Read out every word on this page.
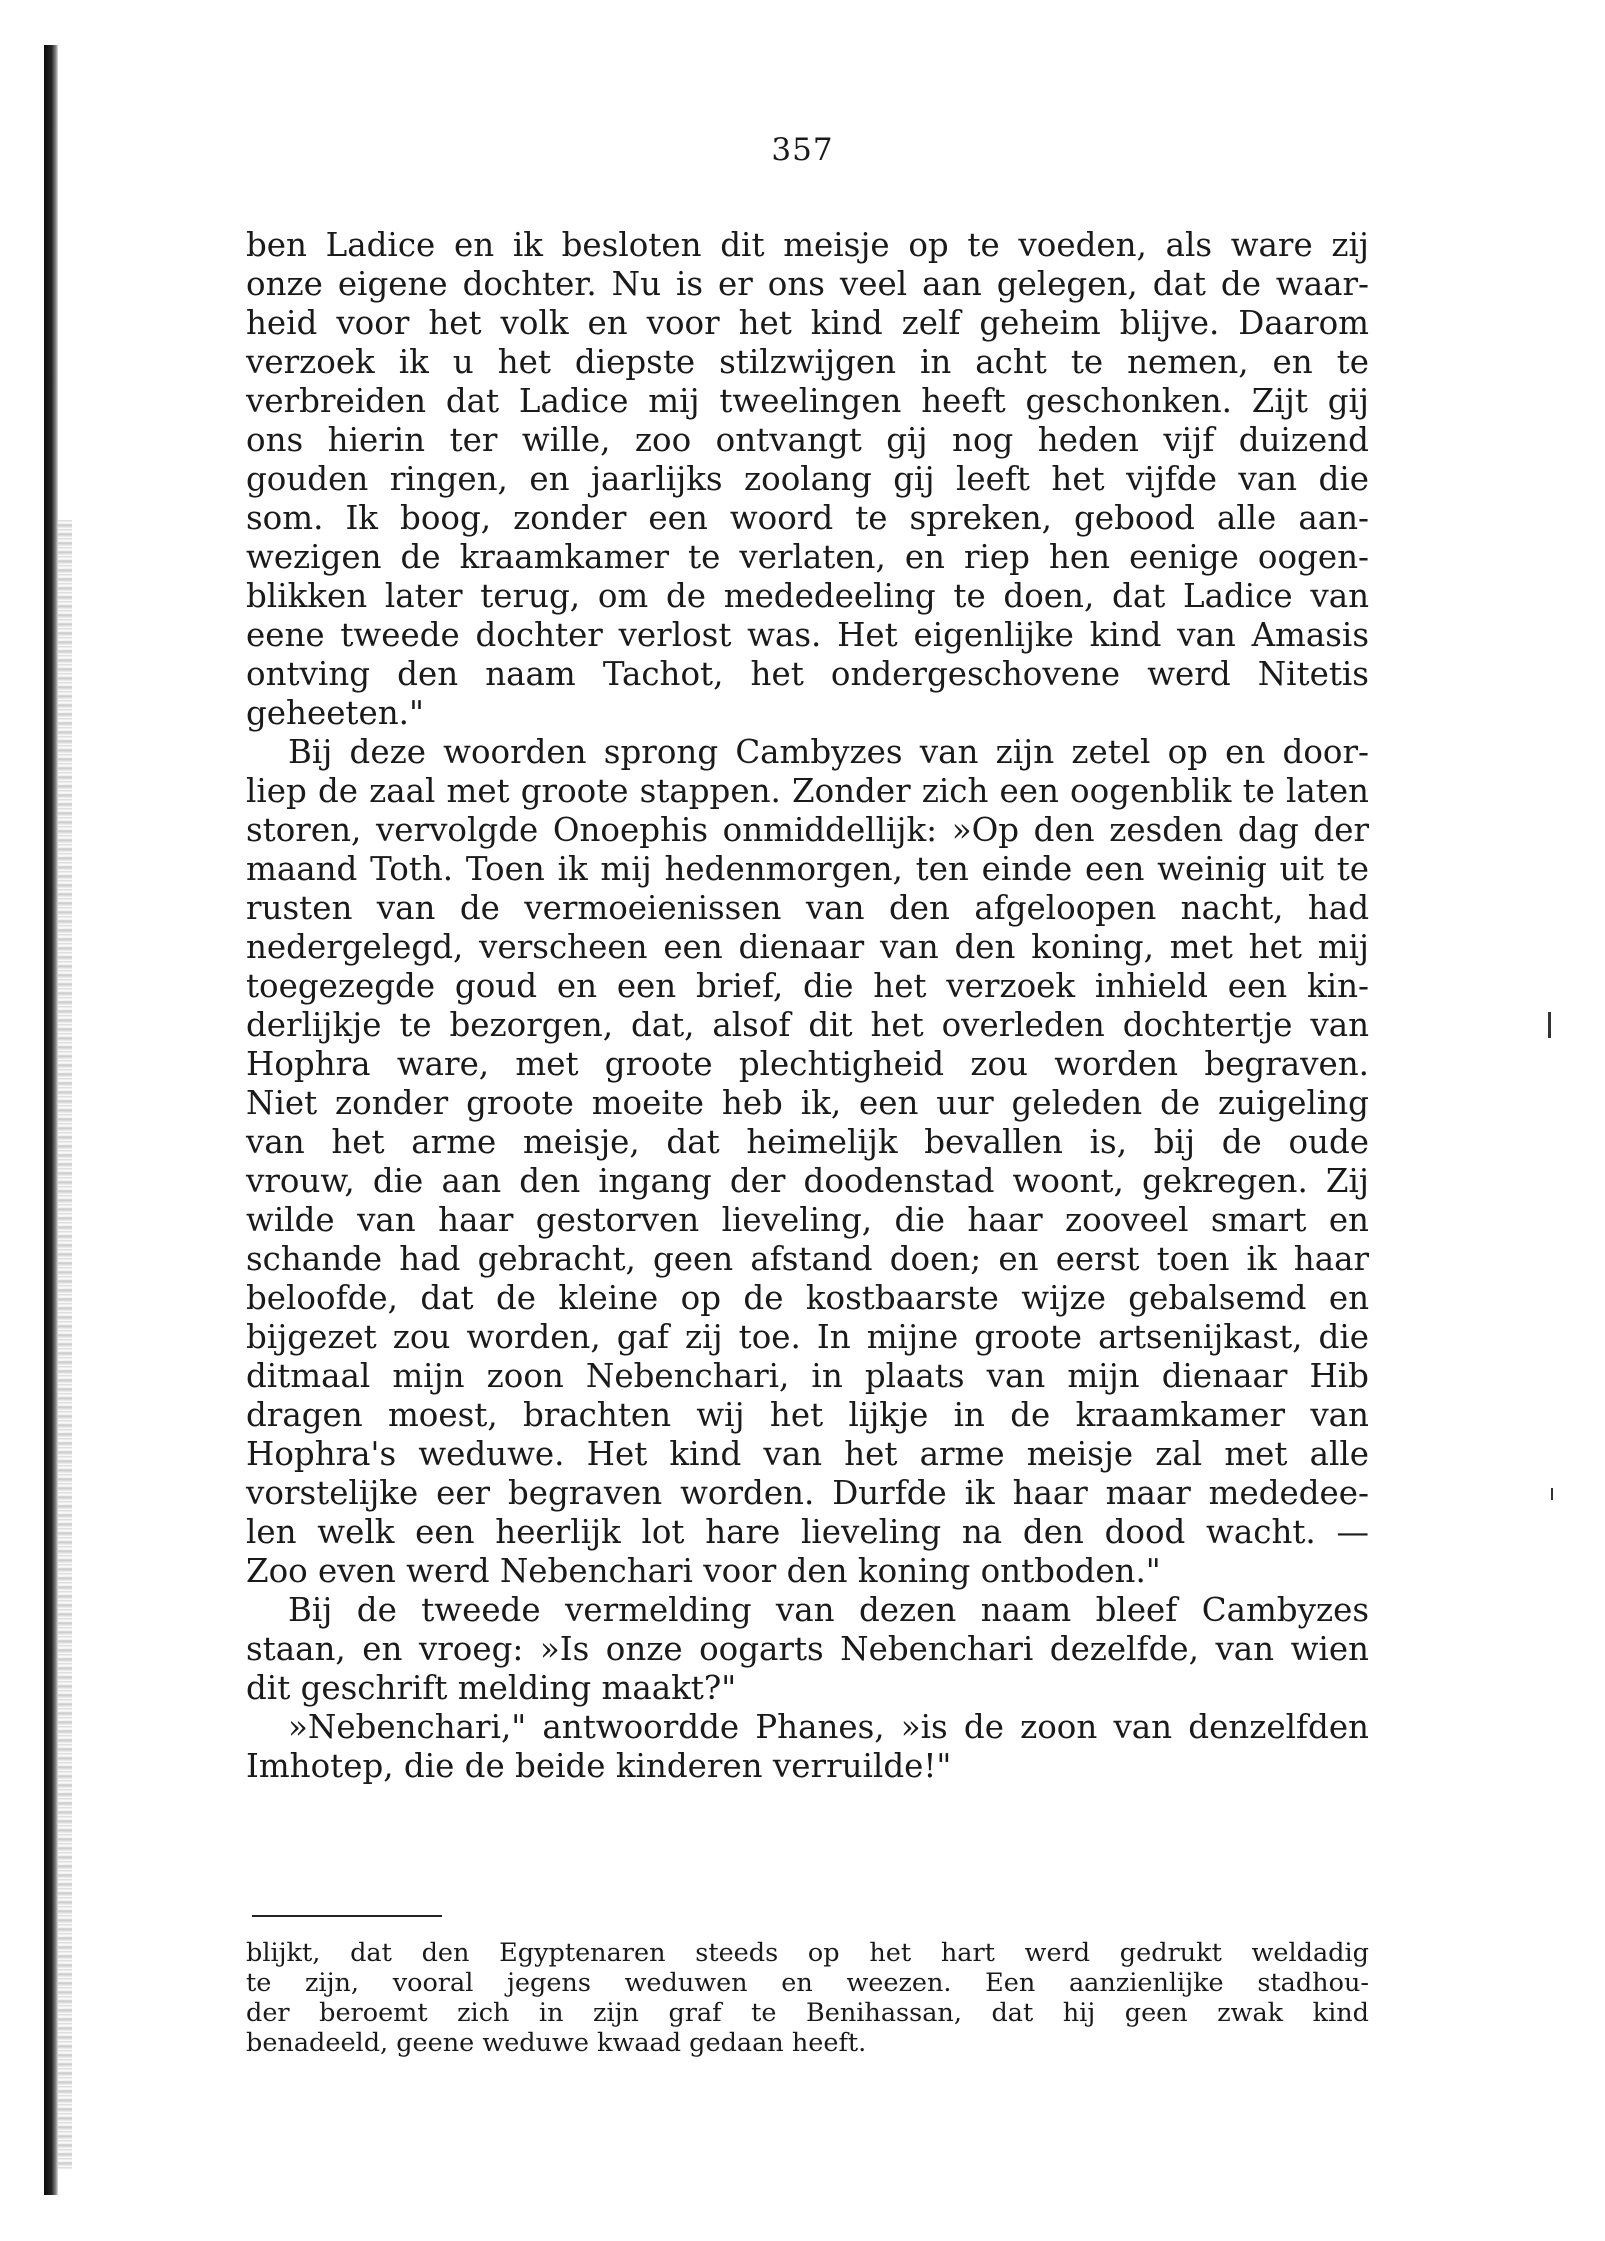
357
ben Ladice en ik besloten dit meisje op te voeden, als ware zij
onze eigene dochter. Nu is er ons veel aan gelegen, dat de waar-
heid voor het volk en voor het kind zelf geheim blijve. Daarom
verzoek ik u het diepste stilzwijgen in acht te nemen, en te
verbreiden dat Ladice mij tweelingen heeft geschonken. Zijt gij
ons hierin ter wille, zoo ontvangt gij nog heden vijf duizend
gouden ringen, en jaarlijks zoolang gij leeft het vijfde van die
som. Ik boog, zonder een woord te spreken, gebood alle aan-
wezigen de kraamkamer te verlaten, en riep hen eenige oogen-
blikken later terug, om de mededeeling te doen, dat Ladice van
eene tweede dochter verlost was. Het eigenlijke kind van Amasis
ontving den naam Tachot, het ondergeschovene werd Nitetis
geheeten."
Bij deze woorden sprong Cambyzes van zijn zetel op en door-
liep de zaal met groote stappen. Zonder zich een oogenblik te laten
storen, vervolgde Onoephis onmiddellijk: »Op den zesden dag der
maand Toth. Toen ik mij hedenmorgen, ten einde een weinig uit te
rusten van de vermoeienissen van den afgeloopen nacht, had
nedergelegd, verscheen een dienaar van den koning, met het mij
toegezegde goud en een brief, die het verzoek inhield een kin-
derlijkje te bezorgen, dat, alsof dit het overleden dochtertje van
Hophra ware, met groote plechtigheid zou worden begraven.
Niet zonder groote moeite heb ik, een uur geleden de zuigeling
van het arme meisje, dat heimelijk bevallen is, bij de oude
vrouw, die aan den ingang der doodenstad woont, gekregen. Zij
wilde van haar gestorven lieveling, die haar zooveel smart en
schande had gebracht, geen afstand doen; en eerst toen ik haar
beloofde, dat de kleine op de kostbaarste wijze gebalsemd en
bijgezet zou worden, gaf zij toe. In mijne groote artsenijkast, die
ditmaal mijn zoon Nebenchari, in plaats van mijn dienaar Hib
dragen moest, brachten wij het lijkje in de kraamkamer van
Hophra's weduwe. Het kind van het arme meisje zal met alle
vorstelijke eer begraven worden. Durfde ik haar maar mededee-
len welk een heerlijk lot hare lieveling na den dood wacht. —
Zoo even werd Nebenchari voor den koning ontboden."
Bij de tweede vermelding van dezen naam bleef Cambyzes
staan, en vroeg: »Is onze oogarts Nebenchari dezelfde, van wien
dit geschrift melding maakt?"
»Nebenchari," antwoordde Phanes, »is de zoon van denzelfden
Imhotep, die de beide kinderen verruilde!"
blijkt, dat den Egyptenaren steeds op het hart werd gedrukt weldadig
te zijn, vooral jegens weduwen en weezen. Een aanzienlijke stadhou-
der beroemt zich in zijn graf te Benihassan, dat hij geen zwak kind
benadeeld, geene weduwe kwaad gedaan heeft.
